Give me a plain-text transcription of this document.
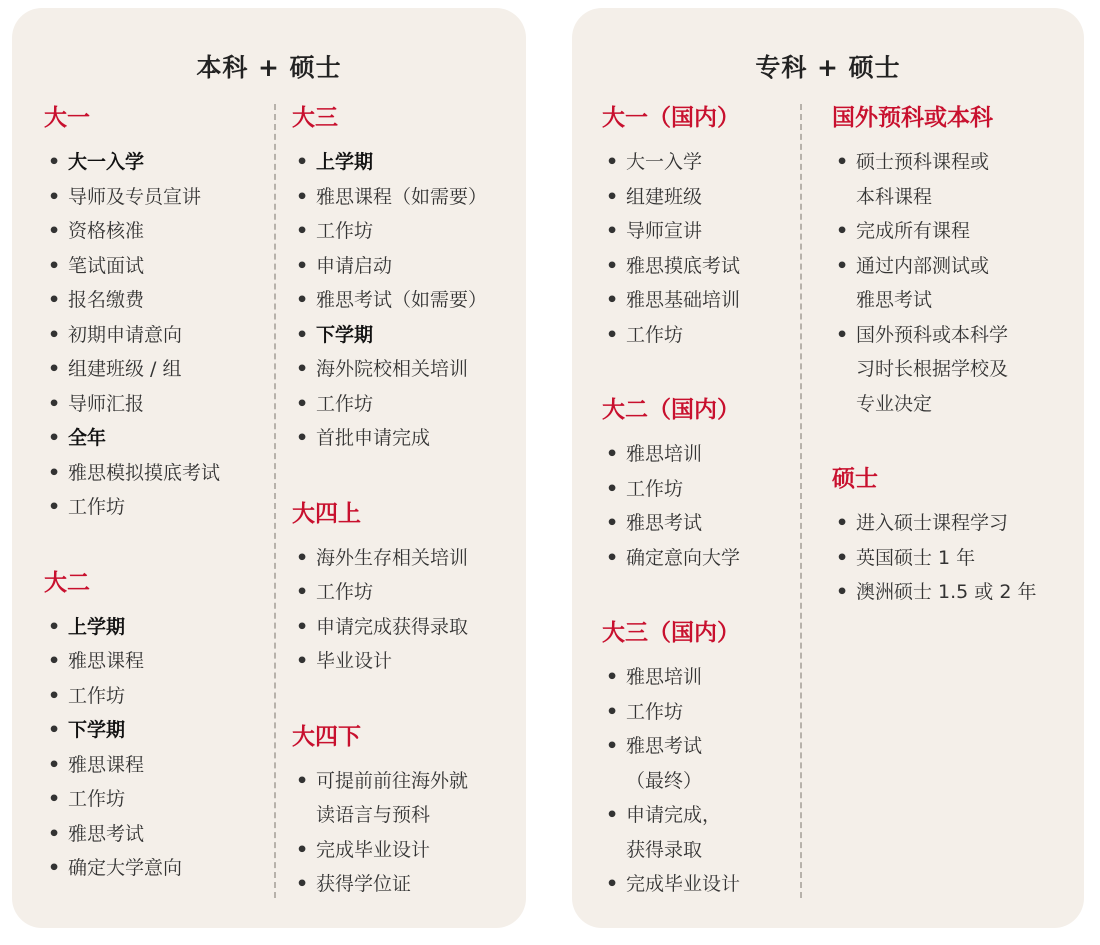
本科 + 硕士
大一
• 大一入学
• 导师及专员宣讲
• 资格核准
• 笔试面试
• 报名缴费
• 初期申请意向
• 组建班级 / 组
• 导师汇报
• 全年
• 雅思模拟摸底考试
• 工作坊
大二
• 上学期
• 雅思课程
• 工作坊
• 下学期
• 雅思课程
• 工作坊
• 雅思考试
• 确定大学意向
大三
• 上学期
• 雅思课程（如需要）
• 工作坊
• 申请启动
• 雅思考试（如需要）
• 下学期
• 海外院校相关培训
• 工作坊
• 首批申请完成
大四上
• 海外生存相关培训
• 工作坊
• 申请完成获得录取
• 毕业设计
大四下
• 可提前前往海外就
读语言与预科
• 完成毕业设计
• 获得学位证
专科 + 硕士
大一（国内）
• 大一入学
• 组建班级
• 导师宣讲
• 雅思摸底考试
• 雅思基础培训
• 工作坊
大二（国内）
• 雅思培训
• 工作坊
• 雅思考试
• 确定意向大学
大三（国内）
• 雅思培训
• 工作坊
• 雅思考试
（最终）
• 申请完成，
获得录取
• 完成毕业设计
国外预科或本科
• 硕士预科课程或
本科课程
• 完成所有课程
• 通过内部测试或
雅思考试
• 国外预科或本科学
习时长根据学校及
专业决定
硕士
• 进入硕士课程学习
• 英国硕士 1 年
• 澳洲硕士 1.5 或 2 年
